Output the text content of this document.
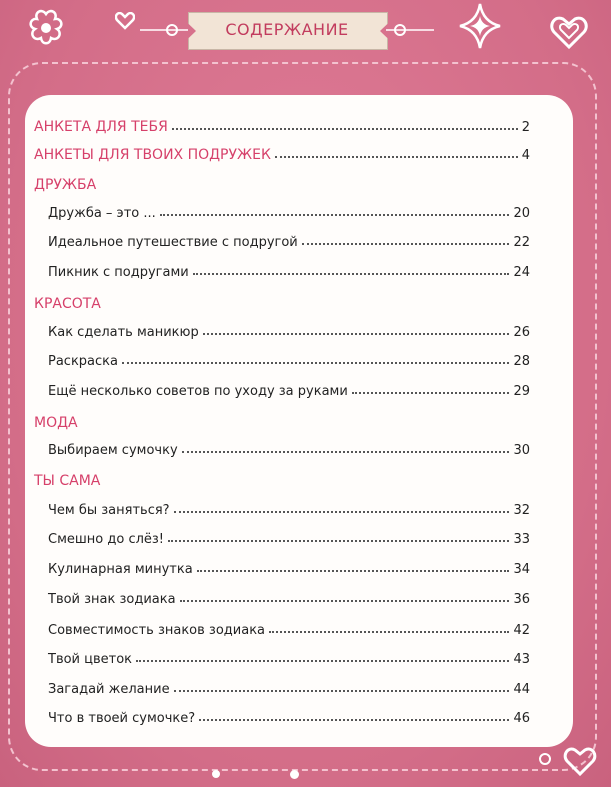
СОДЕРЖАНИЕ
АНКЕТА ДЛЯ ТЕБЯ	2
АНКЕТЫ ДЛЯ ТВОИХ ПОДРУЖЕК	4
ДРУЖБА
Дружба – это ...	20
Идеальное путешествие с подругой	22
Пикник с подругами	24
КРАСОТА
Как сделать маникюр	26
Раскраска	28
Ещё несколько советов по уходу за руками	29
МОДА
Выбираем сумочку	30
ТЫ САМА
Чем бы заняться?	32
Смешно до слёз!	33
Кулинарная минутка	34
Твой знак зодиака	36
Совместимость знаков зодиака	42
Твой цветок	43
Загадай желание	44
Что в твоей сумочке?	46
